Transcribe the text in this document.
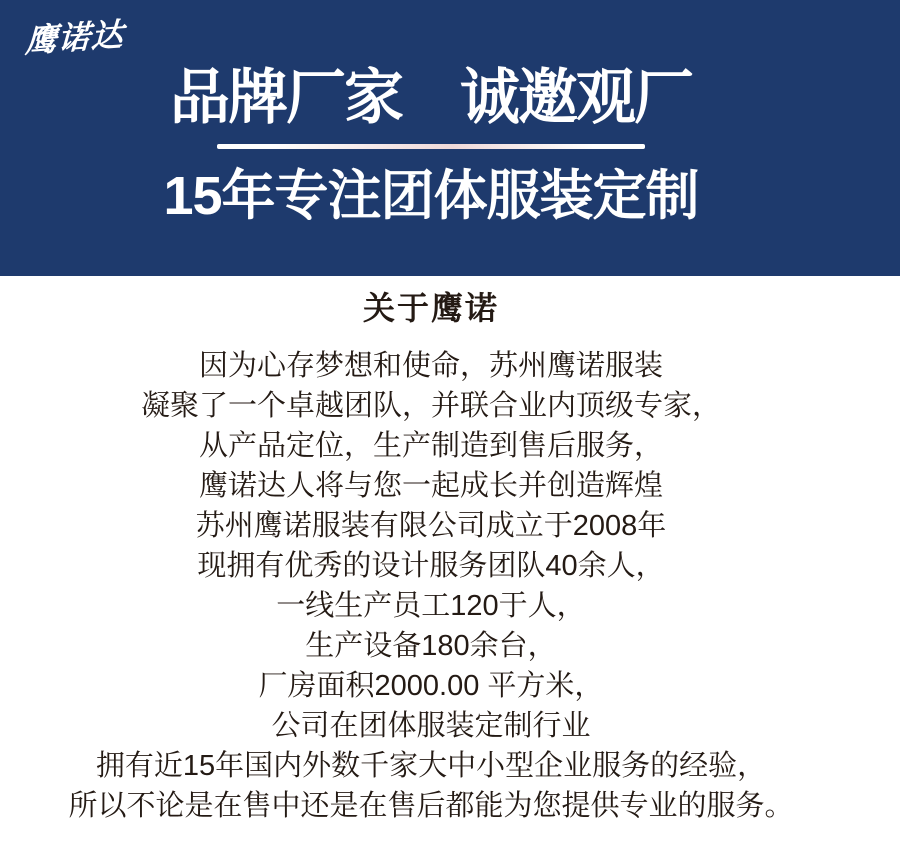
鹰诺达
品牌厂家　诚邀观厂
15年专注团体服装定制
关于鹰诺
因为心存梦想和使命，苏州鹰诺服装
凝聚了一个卓越团队，并联合业内顶级专家，
从产品定位，生产制造到售后服务，
鹰诺达人将与您一起成长并创造辉煌
苏州鹰诺服装有限公司成立于2008年
现拥有优秀的设计服务团队40余人，
一线生产员工120于人，
生产设备180余台，
厂房面积2000.00 平方米，
公司在团体服装定制行业
拥有近15年国内外数千家大中小型企业服务的经验，
所以不论是在售中还是在售后都能为您提供专业的服务。
